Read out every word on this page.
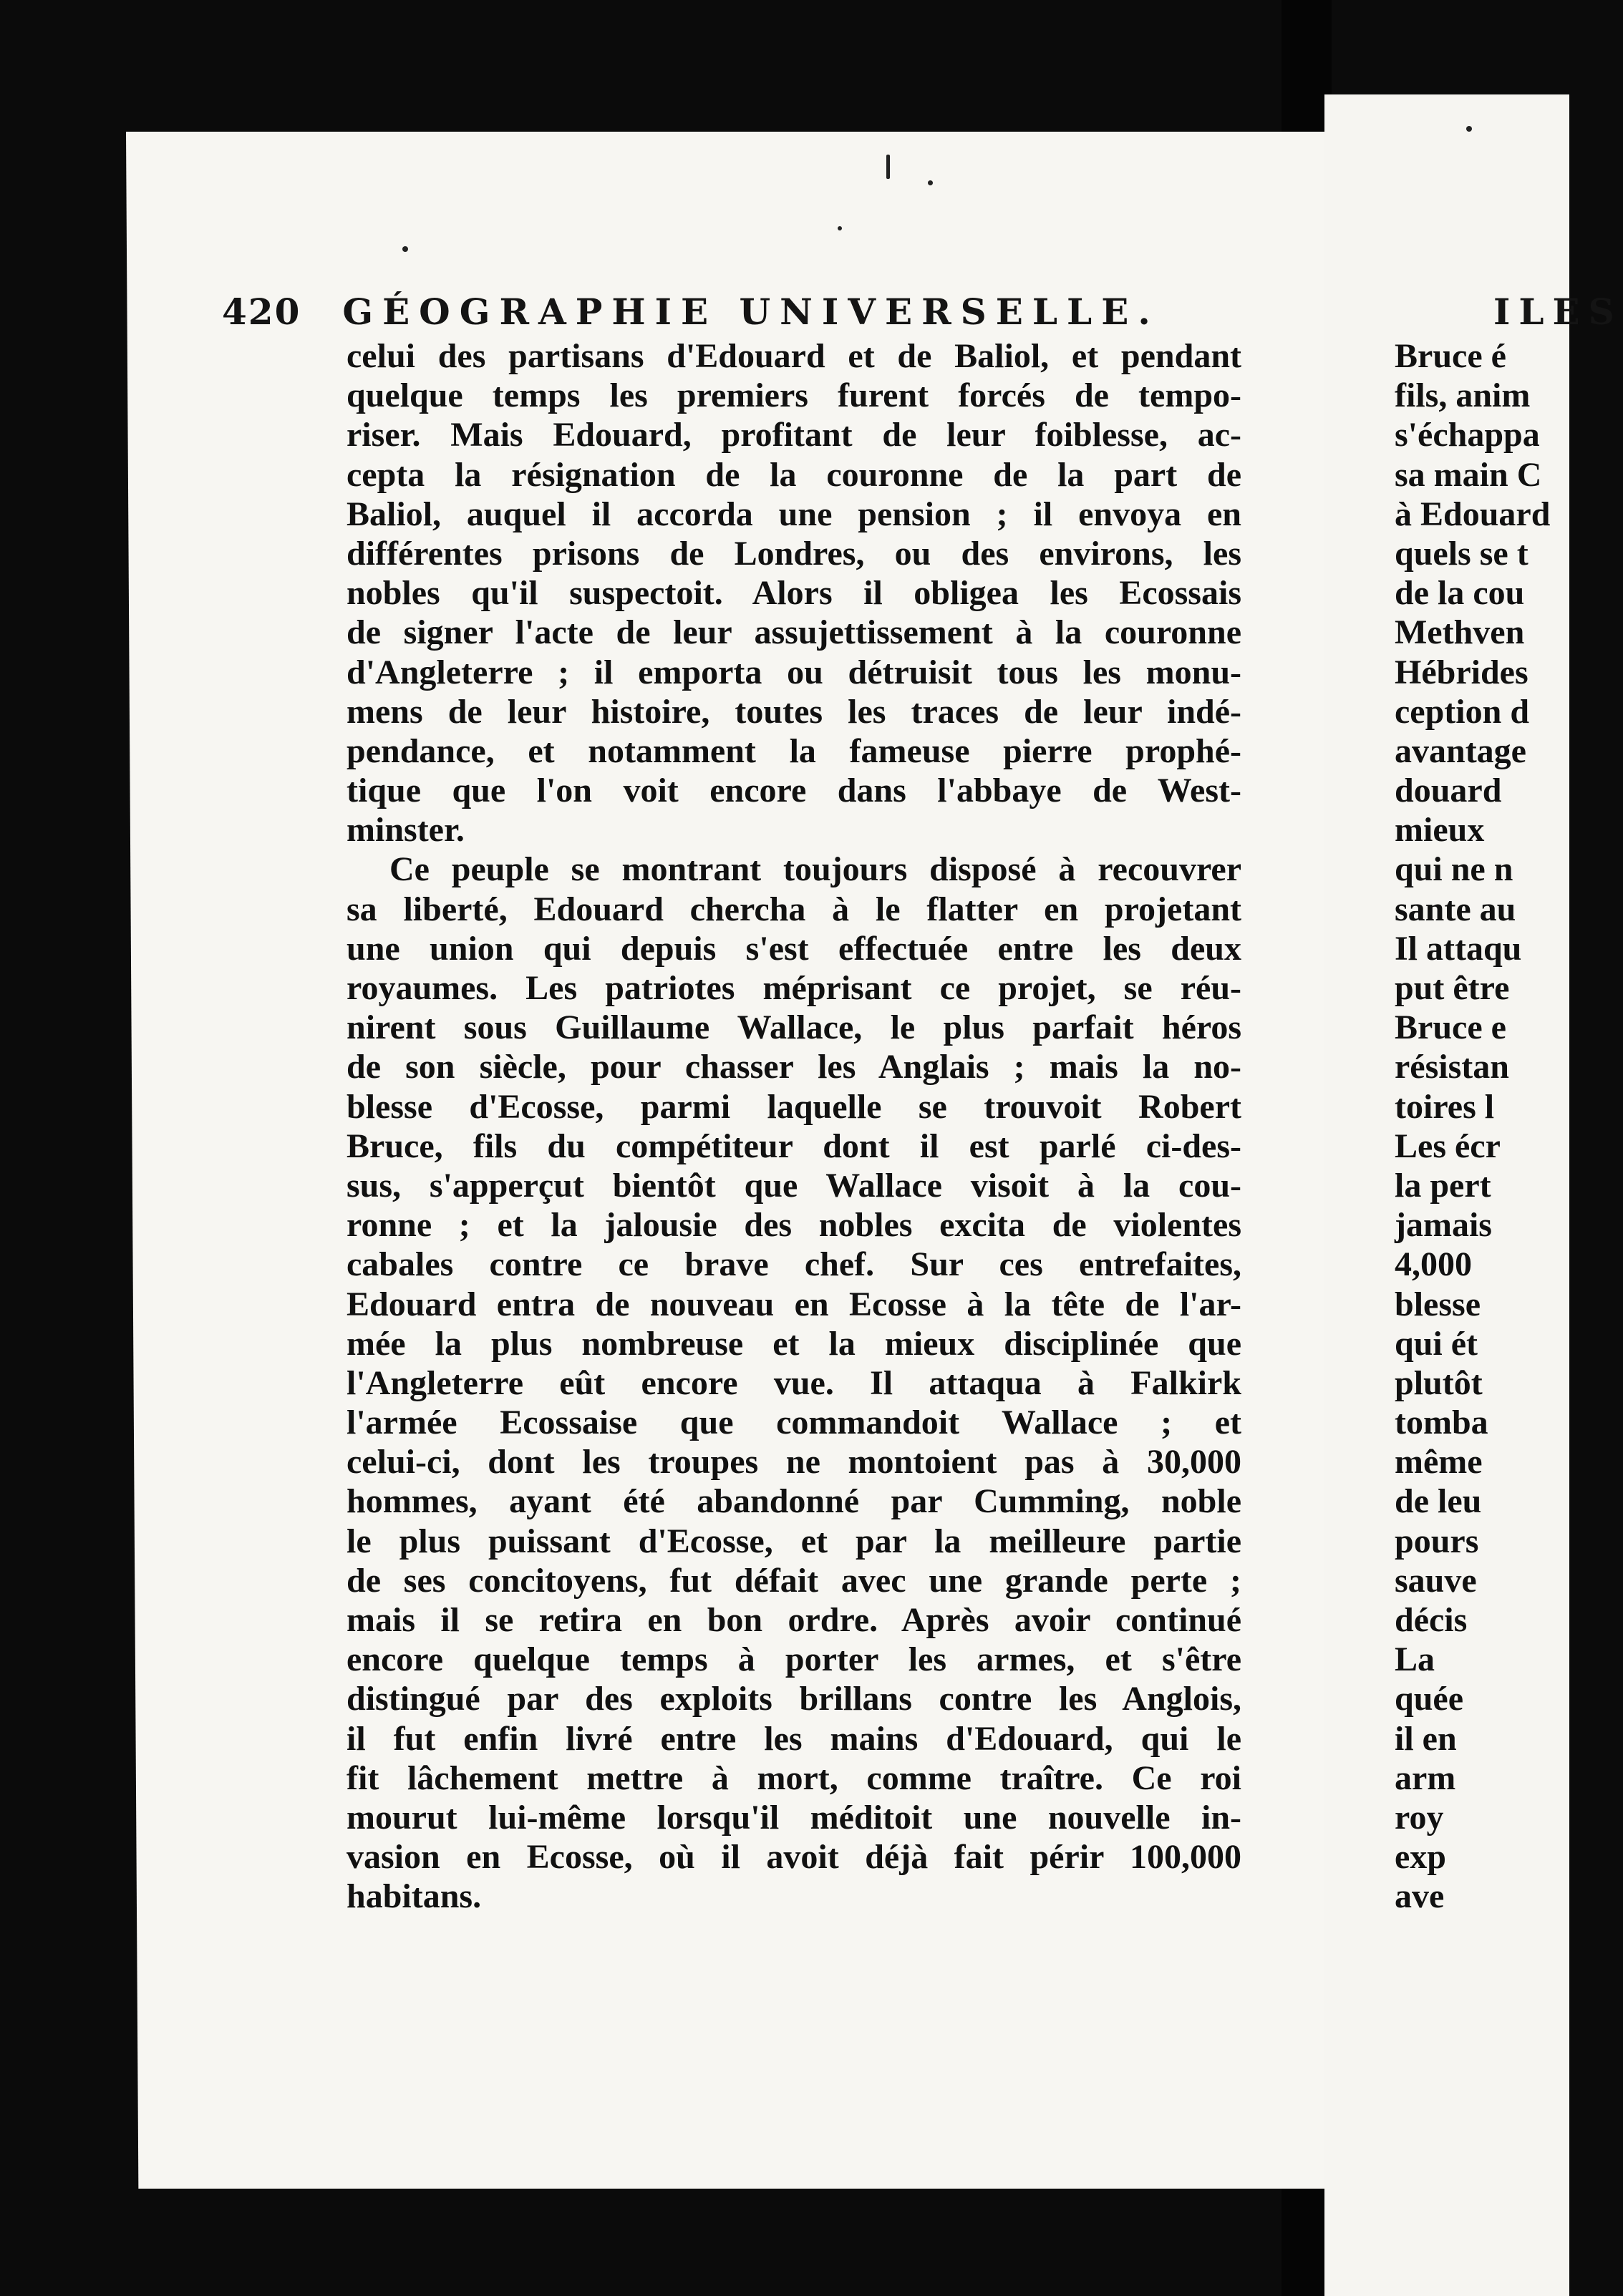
420 GÉOGRAPHIE UNIVERSELLE.
celui des partisans d'Edouard et de Baliol, et pendant
quelque temps les premiers furent forcés de tempo-
riser. Mais Edouard, profitant de leur foiblesse, ac-
cepta la résignation de la couronne de la part de
Baliol, auquel il accorda une pension ; il envoya en
différentes prisons de Londres, ou des environs, les
nobles qu'il suspectoit. Alors il obligea les Ecossais
de signer l'acte de leur assujettissement à la couronne
d'Angleterre ; il emporta ou détruisit tous les monu-
mens de leur histoire, toutes les traces de leur indé-
pendance, et notamment la fameuse pierre prophé-
tique que l'on voit encore dans l'abbaye de West-
minster.
Ce peuple se montrant toujours disposé à recouvrer
sa liberté, Edouard chercha à le flatter en projetant
une union qui depuis s'est effectuée entre les deux
royaumes. Les patriotes méprisant ce projet, se réu-
nirent sous Guillaume Wallace, le plus parfait héros
de son siècle, pour chasser les Anglais ; mais la no-
blesse d'Ecosse, parmi laquelle se trouvoit Robert
Bruce, fils du compétiteur dont il est parlé ci-des-
sus, s'apperçut bientôt que Wallace visoit à la cou-
ronne ; et la jalousie des nobles excita de violentes
cabales contre ce brave chef. Sur ces entrefaites,
Edouard entra de nouveau en Ecosse à la tête de l'ar-
mée la plus nombreuse et la mieux disciplinée que
l'Angleterre eût encore vue. Il attaqua à Falkirk
l'armée Ecossaise que commandoit Wallace ; et
celui-ci, dont les troupes ne montoient pas à 30,000
hommes, ayant été abandonné par Cumming, noble
le plus puissant d'Ecosse, et par la meilleure partie
de ses concitoyens, fut défait avec une grande perte ;
mais il se retira en bon ordre. Après avoir continué
encore quelque temps à porter les armes, et s'être
distingué par des exploits brillans contre les Anglois,
il fut enfin livré entre les mains d'Edouard, qui le
fit lâchement mettre à mort, comme traître. Ce roi
mourut lui-même lorsqu'il méditoit une nouvelle in-
vasion en Ecosse, où il avoit déjà fait périr 100,000
habitans.
ILES
Bruce é
fils, anim
s'échappa
sa main C
à Edouard
quels se t
de la cou
Methven
Hébrides
ception d
avantage
douard
mieux
qui ne n
sante au
Il attaqu
put être
Bruce e
résistan
toires l
Les écr
la pert
jamais
4,000
blesse
qui ét
plutôt
tomba
même
de leu
pours
sauve
décis
La
quée
il en
arm
roy
exp
ave
